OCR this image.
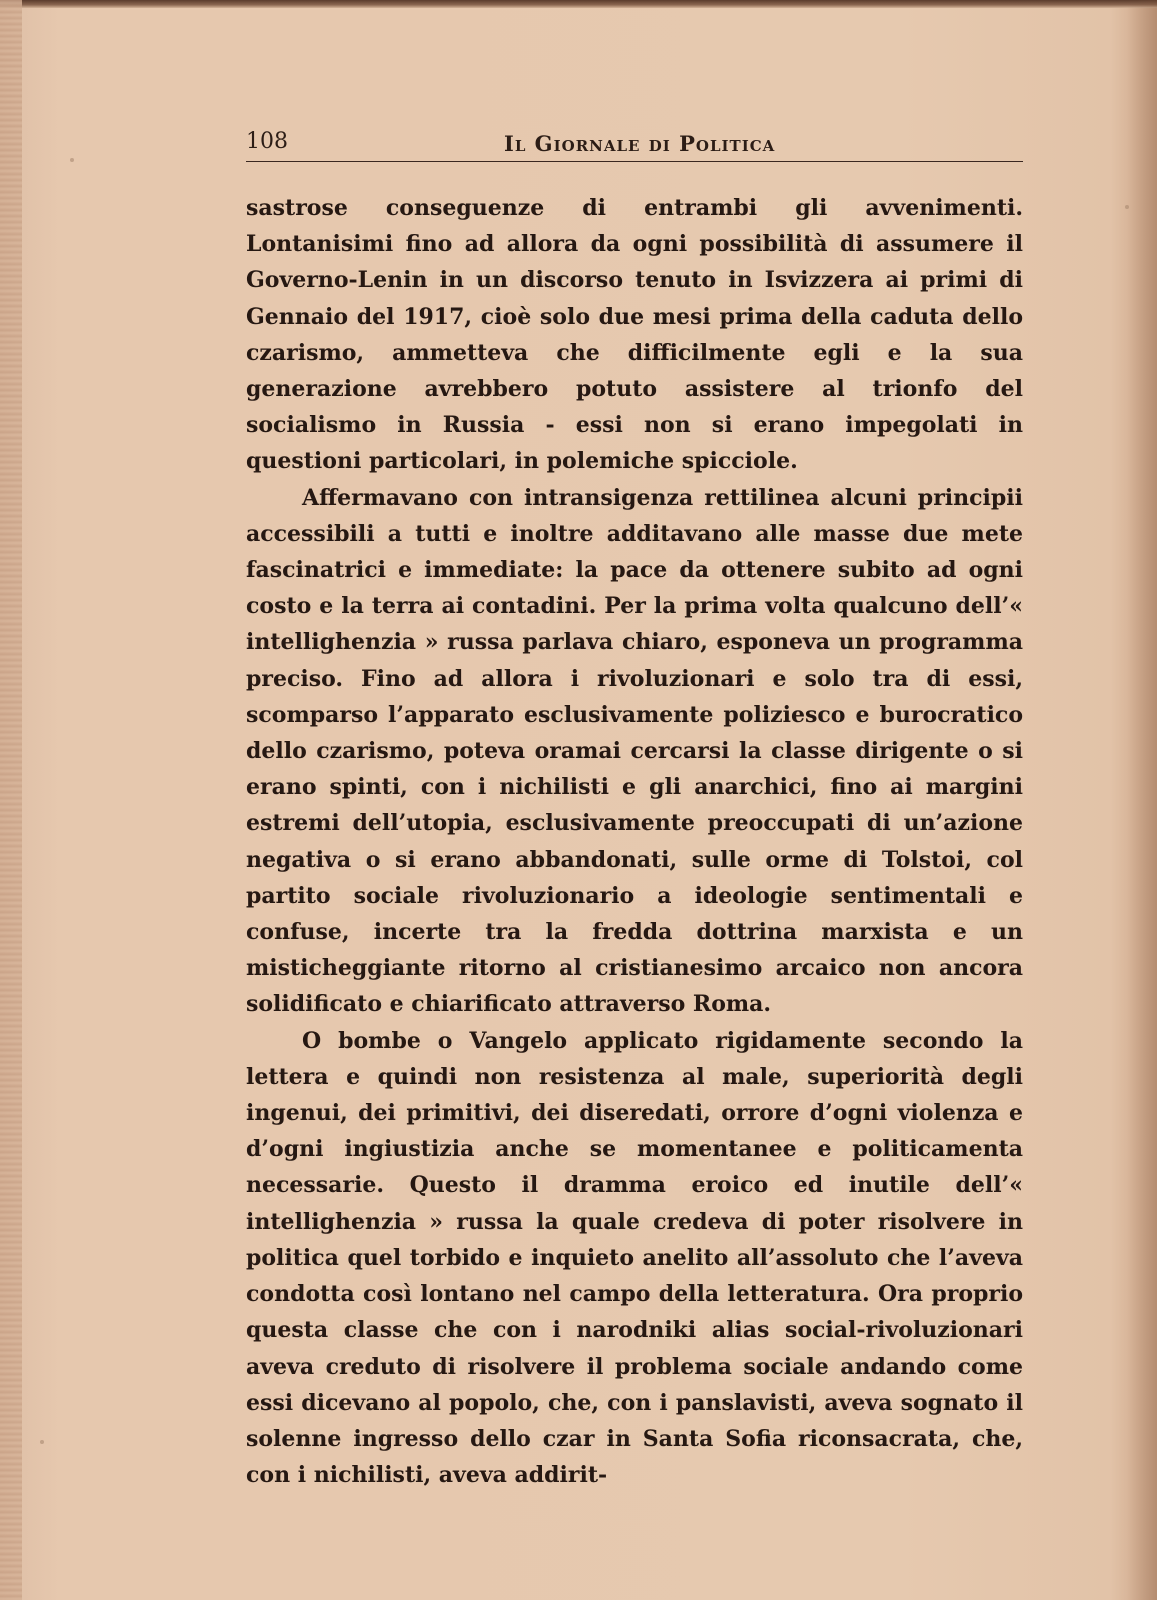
108	Il Giornale di Politica

sastrose conseguenze di entrambi gli avvenimenti. Lontanisimi fino ad allora da ogni possibilità di assumere il Governo-Lenin in un discorso tenuto in Isvizzera ai primi di Gennaio del 1917, cioè solo due mesi prima della caduta dello czarismo, ammetteva che difficilmente egli e la sua generazione avrebbero potuto assistere al trionfo del socialismo in Russia - essi non si erano impegolati in questioni particolari, in polemiche spicciole.

Affermavano con intransigenza rettilinea alcuni principii accessibili a tutti e inoltre additavano alle masse due mete fascinatrici e immediate: la pace da ottenere subito ad ogni costo e la terra ai contadini. Per la prima volta qualcuno dell’« intellighenzia » russa parlava chiaro, esponeva un programma preciso. Fino ad allora i rivoluzionari e solo tra di essi, scomparso l’apparato esclusivamente poliziesco e burocratico dello czarismo, poteva oramai cercarsi la classe dirigente o si erano spinti, con i nichilisti e gli anarchici, fino ai margini estremi dell’utopia, esclusivamente preoccupati di un’azione negativa o si erano abbandonati, sulle orme di Tolstoi, col partito sociale rivoluzionario a ideologie sentimentali e confuse, incerte tra la fredda dottrina marxista e un misticheggiante ritorno al cristianesimo arcaico non ancora solidificato e chiarificato attraverso Roma.

O bombe o Vangelo applicato rigidamente secondo la lettera e quindi non resistenza al male, superiorità degli ingenui, dei primitivi, dei diseredati, orrore d’ogni violenza e d’ogni ingiustizia anche se momentanee e politicamenta necessarie. Questo il dramma eroico ed inutile dell’« intellighenzia » russa la quale credeva di poter risolvere in politica quel torbido e inquieto anelito all’assoluto che l’aveva condotta così lontano nel campo della letteratura. Ora proprio questa classe che con i narodniki alias social-rivoluzionari aveva creduto di risolvere il problema sociale andando come essi dicevano al popolo, che, con i panslavisti, aveva sognato il solenne ingresso dello czar in Santa Sofia riconsacrata, che, con i nichilisti, aveva addirit-
